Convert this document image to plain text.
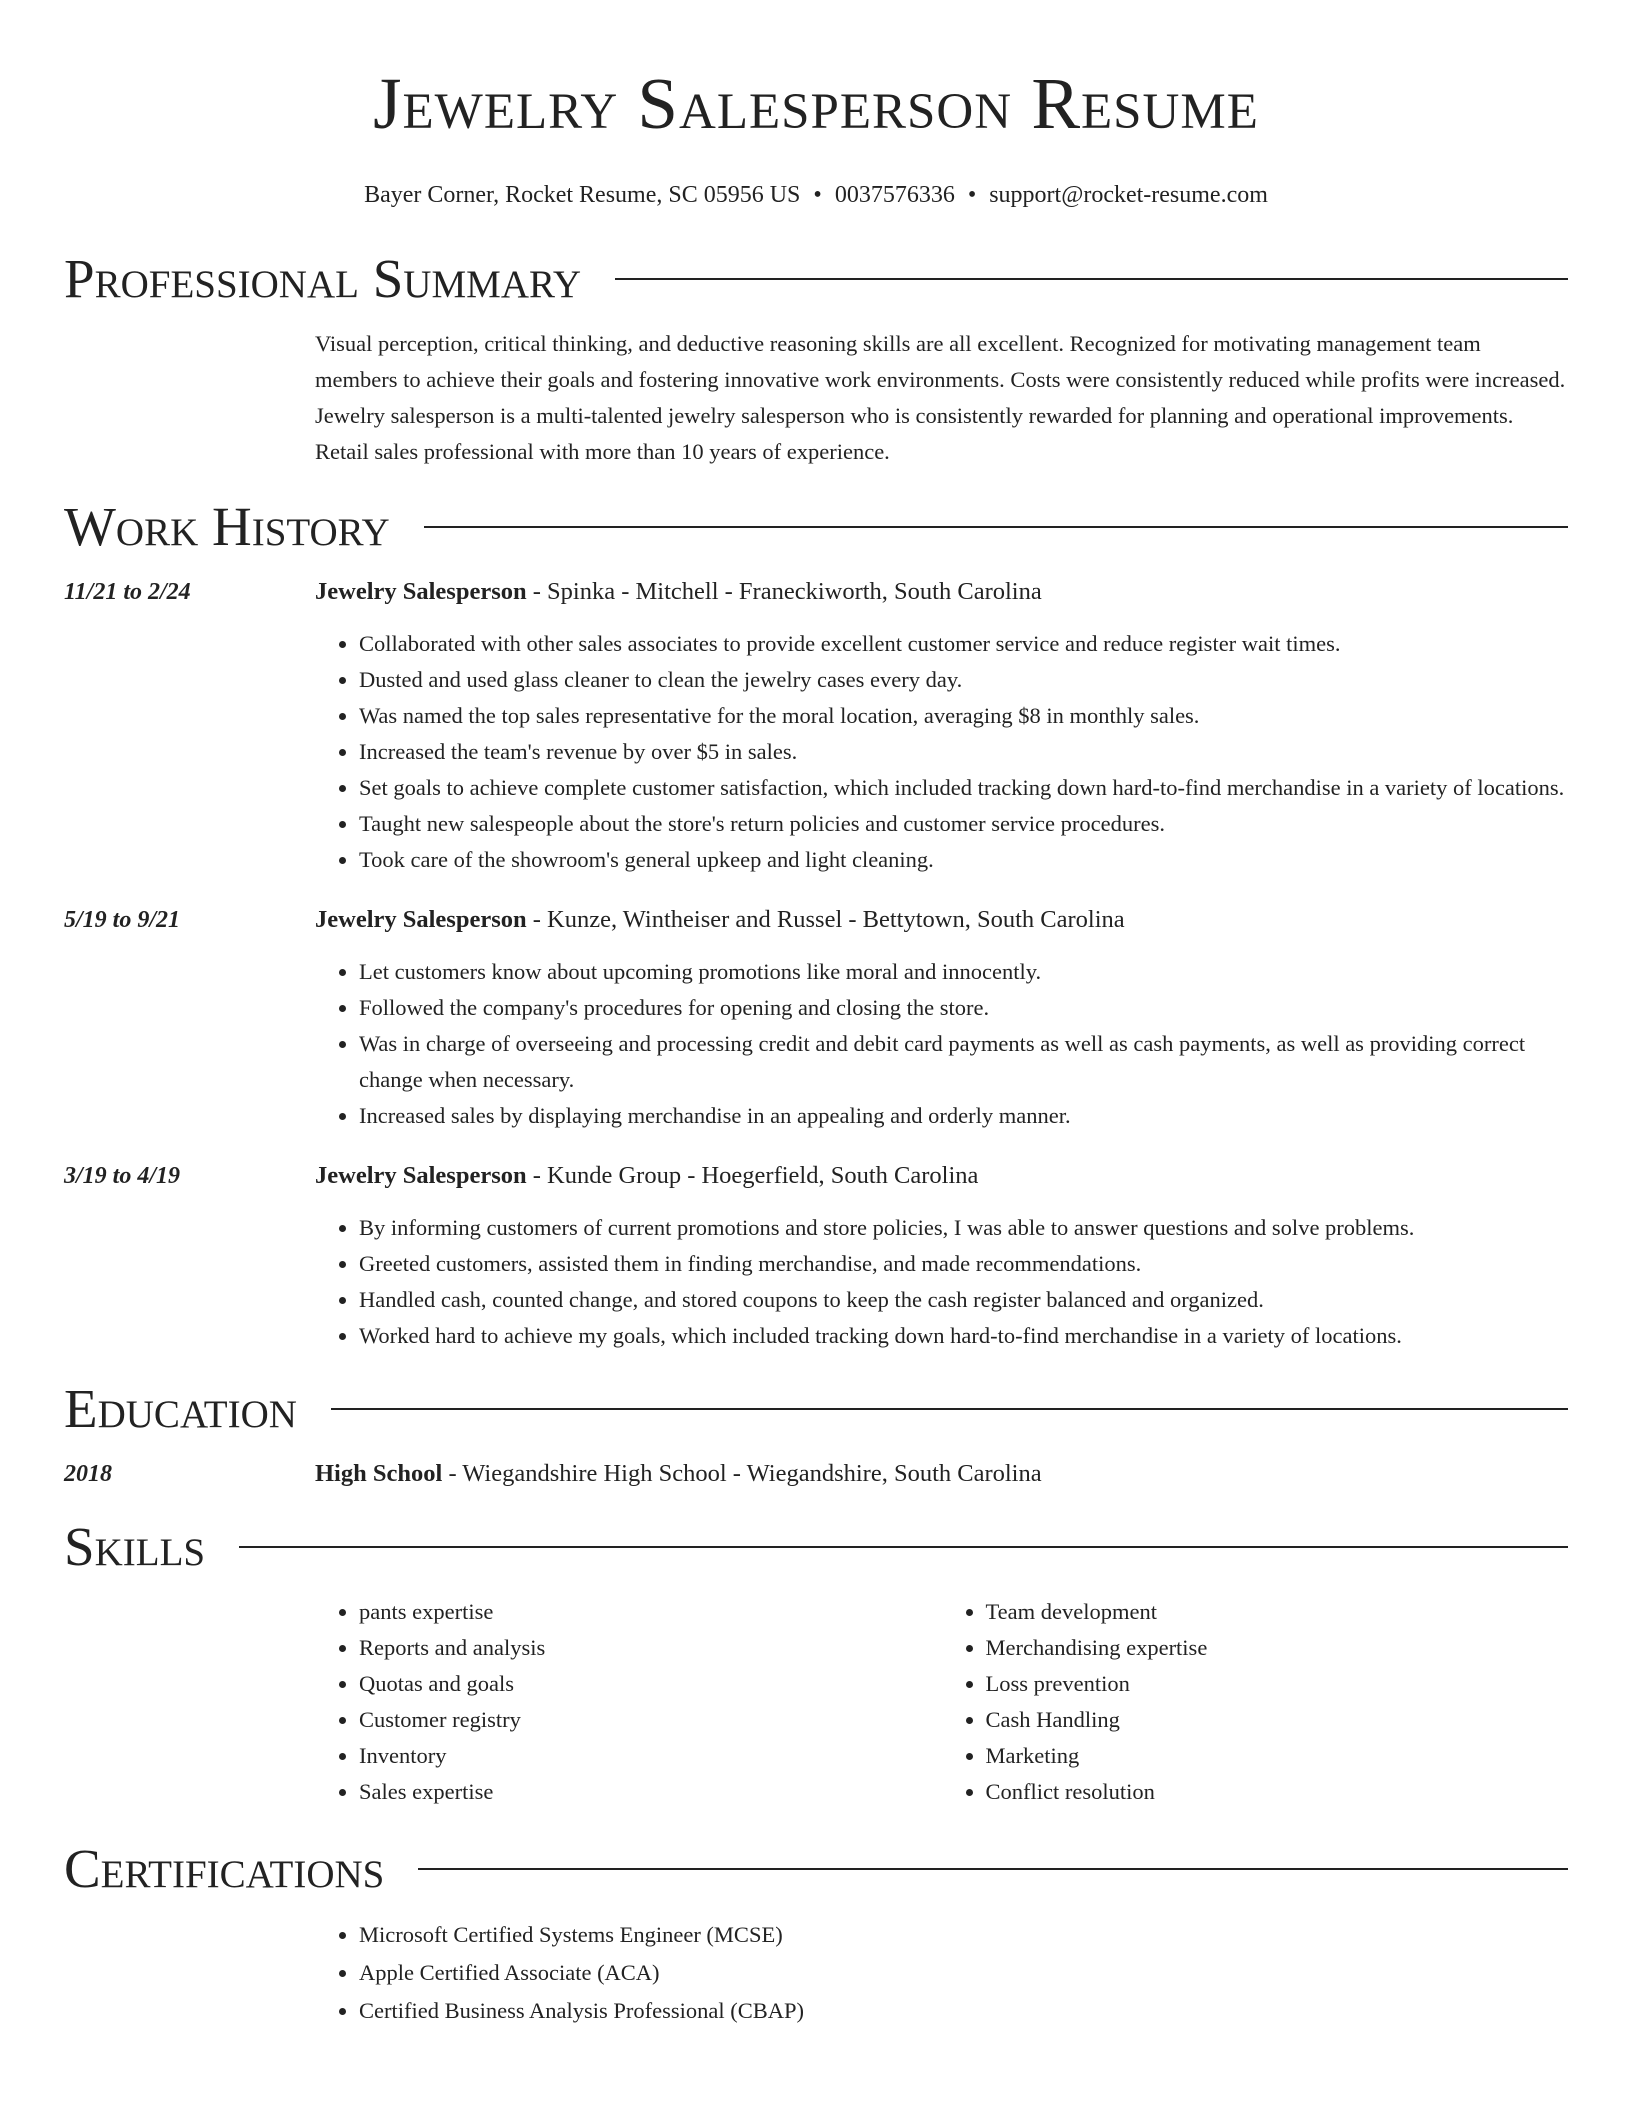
Jewelry Salesperson Resume
Bayer Corner, Rocket Resume, SC 05956 US • 0037576336 • support@rocket-resume.com
Professional Summary
Visual perception, critical thinking, and deductive reasoning skills are all excellent. Recognized for motivating management team members to achieve their goals and fostering innovative work environments. Costs were consistently reduced while profits were increased. Jewelry salesperson is a multi-talented jewelry salesperson who is consistently rewarded for planning and operational improvements. Retail sales professional with more than 10 years of experience.
Work History
11/21 to 2/24	Jewelry Salesperson - Spinka - Mitchell - Franeckiworth, South Carolina
• Collaborated with other sales associates to provide excellent customer service and reduce register wait times.
• Dusted and used glass cleaner to clean the jewelry cases every day.
• Was named the top sales representative for the moral location, averaging $8 in monthly sales.
• Increased the team's revenue by over $5 in sales.
• Set goals to achieve complete customer satisfaction, which included tracking down hard-to-find merchandise in a variety of locations.
• Taught new salespeople about the store's return policies and customer service procedures.
• Took care of the showroom's general upkeep and light cleaning.
5/19 to 9/21	Jewelry Salesperson - Kunze, Wintheiser and Russel - Bettytown, South Carolina
• Let customers know about upcoming promotions like moral and innocently.
• Followed the company's procedures for opening and closing the store.
• Was in charge of overseeing and processing credit and debit card payments as well as cash payments, as well as providing correct change when necessary.
• Increased sales by displaying merchandise in an appealing and orderly manner.
3/19 to 4/19	Jewelry Salesperson - Kunde Group - Hoegerfield, South Carolina
• By informing customers of current promotions and store policies, I was able to answer questions and solve problems.
• Greeted customers, assisted them in finding merchandise, and made recommendations.
• Handled cash, counted change, and stored coupons to keep the cash register balanced and organized.
• Worked hard to achieve my goals, which included tracking down hard-to-find merchandise in a variety of locations.
Education
2018	High School - Wiegandshire High School - Wiegandshire, South Carolina
Skills
• pants expertise
• Reports and analysis
• Quotas and goals
• Customer registry
• Inventory
• Sales expertise
• Team development
• Merchandising expertise
• Loss prevention
• Cash Handling
• Marketing
• Conflict resolution
Certifications
• Microsoft Certified Systems Engineer (MCSE)
• Apple Certified Associate (ACA)
• Certified Business Analysis Professional (CBAP)
